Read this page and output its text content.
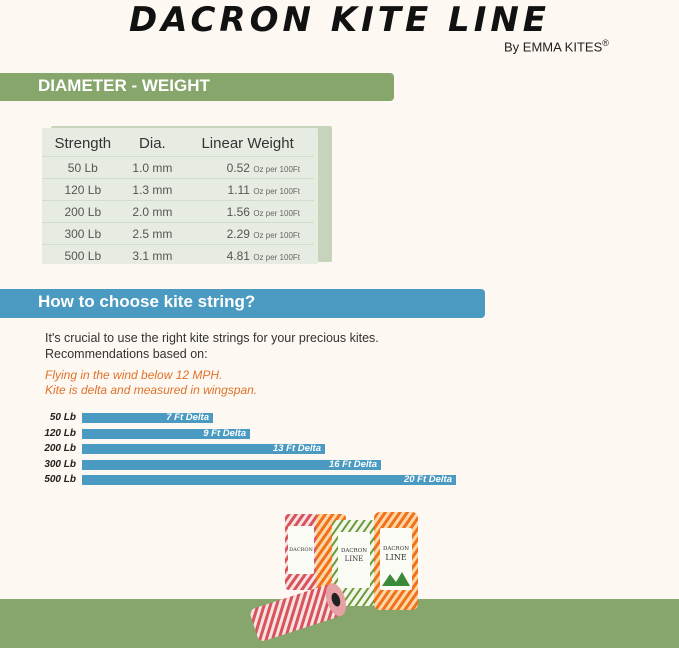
DACRON KITE LINE
By EMMA KITES®
DIAMETER - WEIGHT
Strength	Dia.	Linear Weight
50 Lb	1.0 mm	0.52 Oz per 100Ft
120 Lb	1.3 mm	1.11 Oz per 100Ft
200 Lb	2.0 mm	1.56 Oz per 100Ft
300 Lb	2.5 mm	2.29 Oz per 100Ft
500 Lb	3.1 mm	4.81 Oz per 100Ft
How to choose kite string?
It's crucial to use the right kite strings for your precious kites.
Recommendations based on:
Flying in the wind below 12 MPH.
Kite is delta and measured in wingspan.
50 Lb	7 Ft Delta
120 Lb	9 Ft Delta
200 Lb	13 Ft Delta
300 Lb	16 Ft Delta
500 Lb	20 Ft Delta
DACRON	DACRON
LINE
DACRON
LINE
